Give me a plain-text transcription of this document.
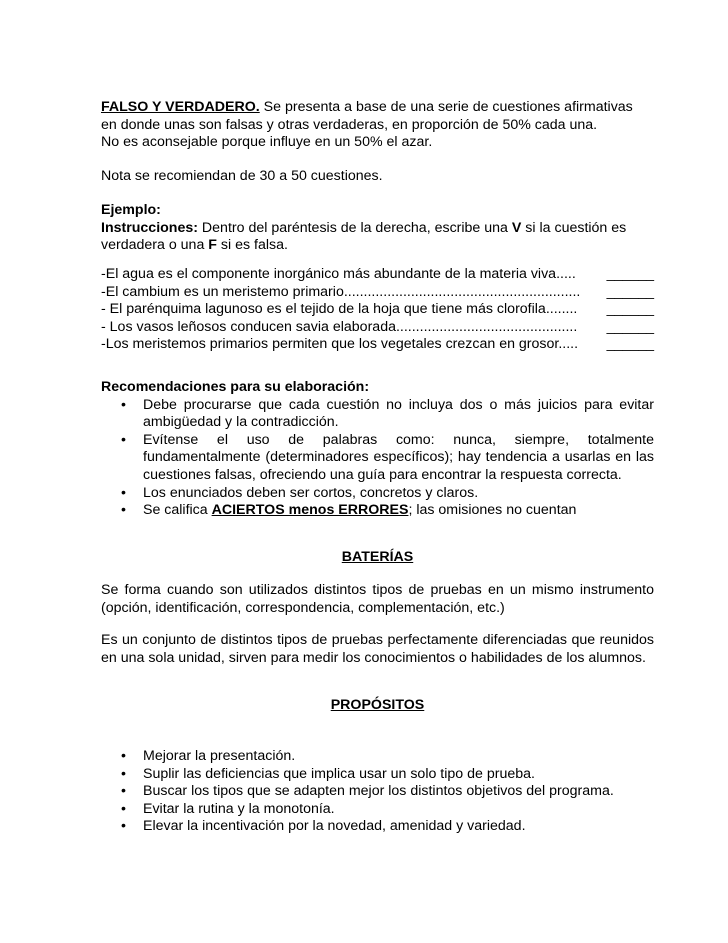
FALSO Y VERDADERO. Se presenta a base de una serie de cuestiones afirmativas

en donde unas son falsas y otras verdaderas, en proporción de 50% cada una.

No es aconsejable porque influye en un 50% el azar.

Nota se recomiendan de 30 a 50 cuestiones.

Ejemplo:

Instrucciones: Dentro del paréntesis de la derecha, escribe una V si la cuestión es

verdadera o una F si es falsa.

-El agua es el componente inorgánico más abundante de la materia viva..... ______
-El cambium es un meristemo primario............................................................ ______
- El parénquima lagunoso es el tejido de la hoja que tiene más clorofila........ ______
- Los vasos leñosos conducen savia elaborada.............................................. ______
-Los meristemos primarios permiten que los vegetales crezcan en grosor..... ______

Recomendaciones para su elaboración:

• Debe procurarse que cada cuestión no incluya dos o más juicios para evitar ambigüedad y la contradicción.
• Evítense el uso de palabras como: nunca, siempre, totalmente fundamentalmente (determinadores específicos); hay tendencia a usarlas en las cuestiones falsas, ofreciendo una guía para encontrar la respuesta correcta.
• Los enunciados deben ser cortos, concretos y claros.
• Se califica ACIERTOS menos ERRORES; las omisiones no cuentan

BATERÍAS

Se forma cuando son utilizados distintos tipos de pruebas en un mismo instrumento (opción, identificación, correspondencia, complementación, etc.)

Es un conjunto de distintos tipos de pruebas perfectamente diferenciadas que reunidos en una sola unidad, sirven para medir los conocimientos o habilidades de los alumnos.

PROPÓSITOS

• Mejorar la presentación.
• Suplir las deficiencias que implica usar un solo tipo de prueba.
• Buscar los tipos que se adapten mejor los distintos objetivos del programa.
• Evitar la rutina y la monotonía.
• Elevar la incentivación por la novedad, amenidad y variedad.
